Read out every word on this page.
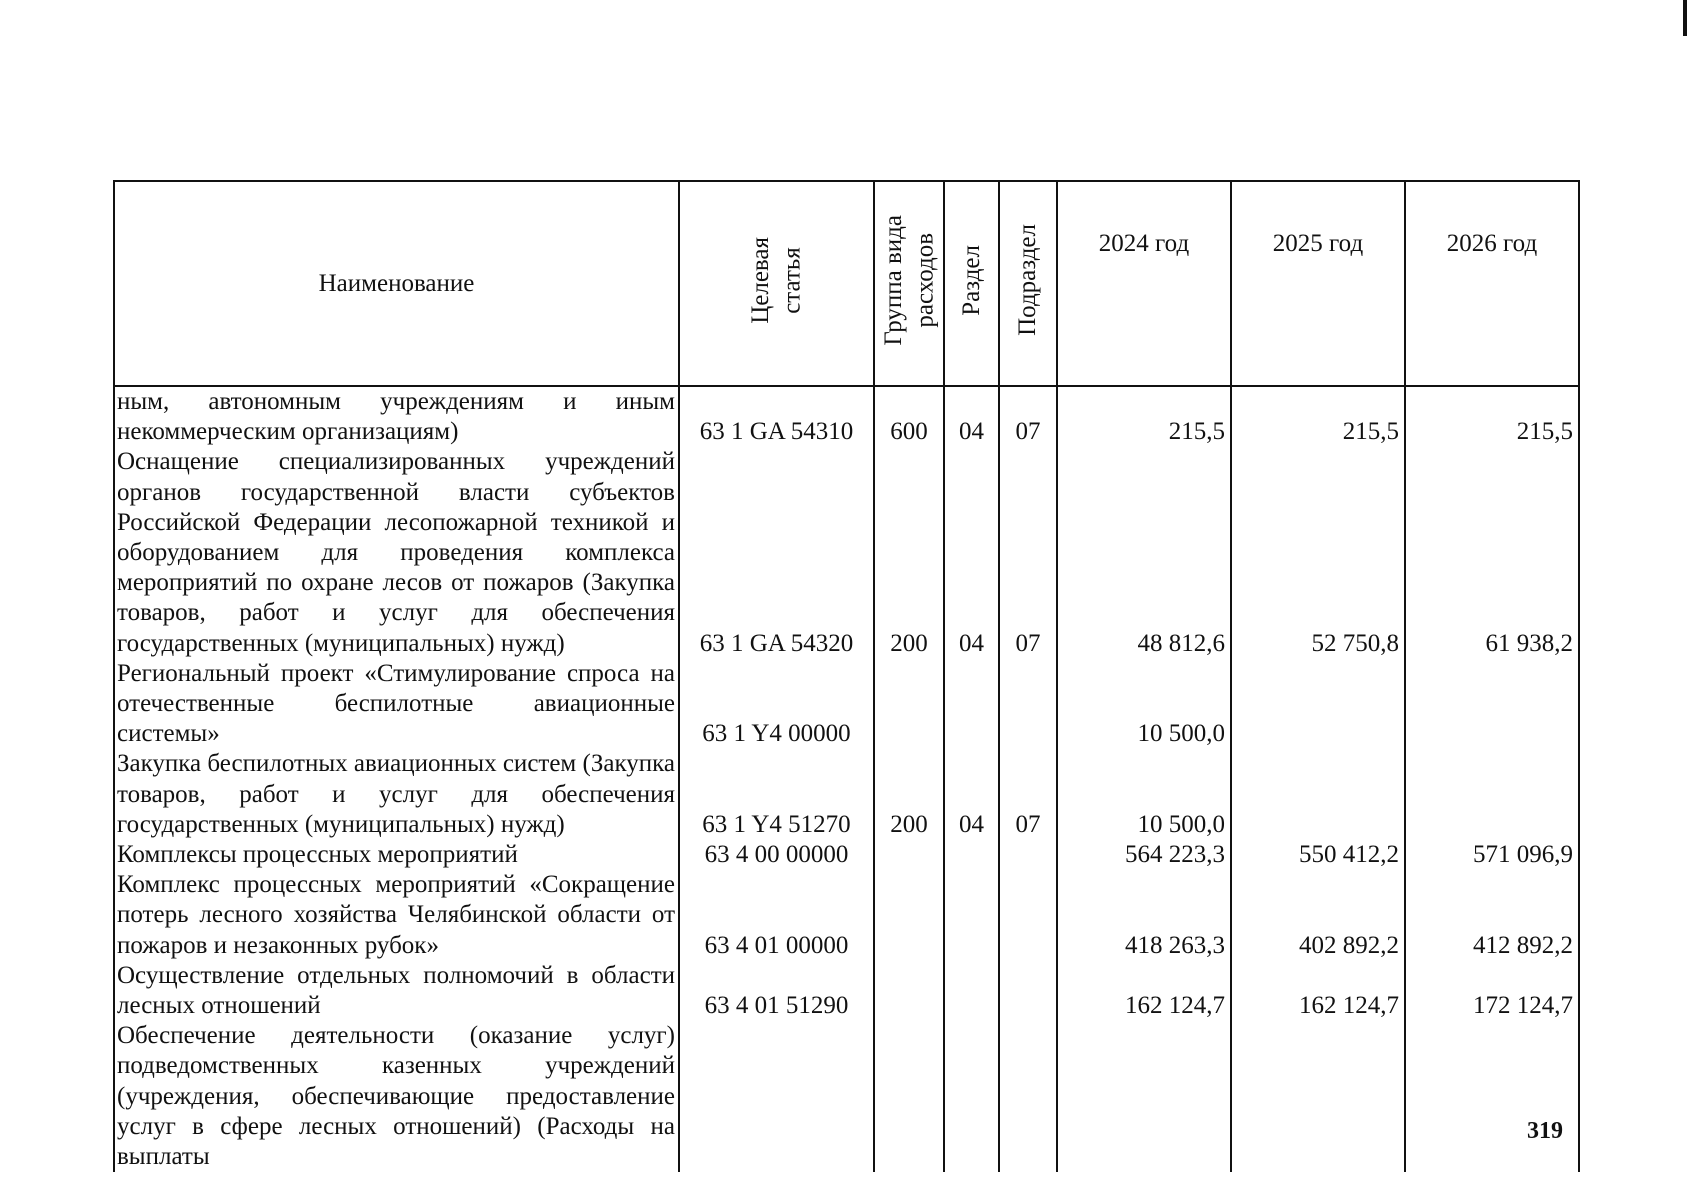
Наименование	Целевая статья	Группа вида расходов	Раздел	Подраздел	2024 год	2025 год	2026 год
ным, автономным учреждениям и иным некоммерческим организациям)	63 1 GA 54310	600	04	07	215,5	215,5	215,5
Оснащение специализированных учреждений органов государственной власти субъектов Российской Федерации лесопожарной техникой и оборудованием для проведения комплекса мероприятий по охране лесов от пожаров (Закупка товаров, работ и услуг для обеспечения государственных (муниципальных) нужд)	63 1 GA 54320	200	04	07	48 812,6	52 750,8	61 938,2
Региональный проект «Стимулирование спроса на отечественные беспилотные авиационные системы»	63 1 Y4 00000				10 500,0		
Закупка беспилотных авиационных систем (Закупка товаров, работ и услуг для обеспечения государственных (муниципальных) нужд)	63 1 Y4 51270	200	04	07	10 500,0		
Комплексы процессных мероприятий	63 4 00 00000				564 223,3	550 412,2	571 096,9
Комплекс процессных мероприятий «Сокращение потерь лесного хозяйства Челябинской области от пожаров и незаконных рубок»	63 4 01 00000				418 263,3	402 892,2	412 892,2
Осуществление отдельных полномочий в области лесных отношений	63 4 01 51290				162 124,7	162 124,7	172 124,7
Обеспечение деятельности (оказание услуг) подведомственных казенных учреждений (учреждения, обеспечивающие предоставление услуг в сфере лесных отношений) (Расходы на выплаты							
319
